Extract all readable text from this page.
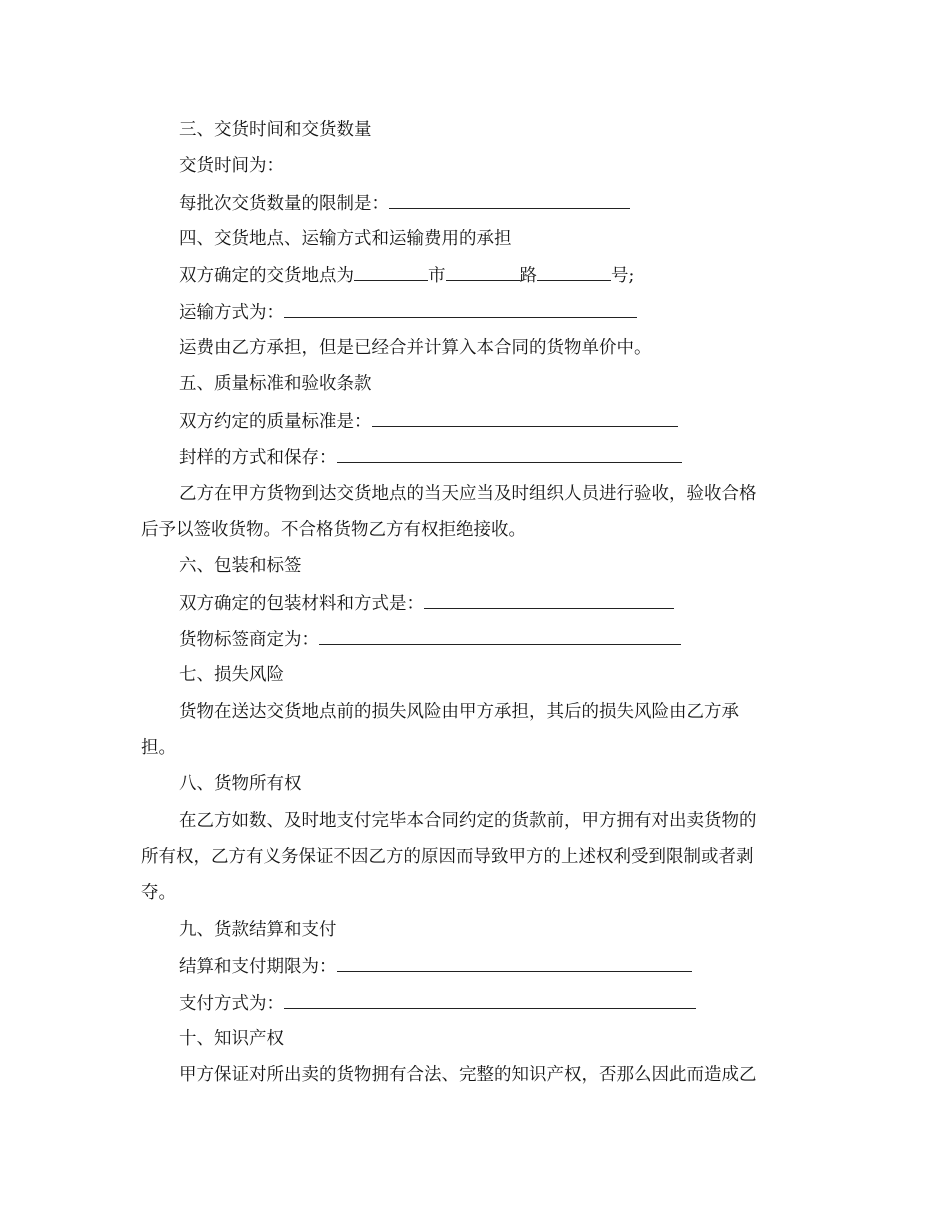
三、交货时间和交货数量
交货时间为：
每批次交货数量的限制是：
四、交货地点、运输方式和运输费用的承担
双方确定的交货地点为	市	路	号;
运输方式为：
运费由乙方承担，但是已经合并计算入本合同的货物单价中。
五、质量标准和验收条款
双方约定的质量标准是：
封样的方式和保存：
乙方在甲方货物到达交货地点的当天应当及时组织人员进行验收，验收合格
后予以签收货物。不合格货物乙方有权拒绝接收。
六、包装和标签
双方确定的包装材料和方式是：
货物标签商定为：
七、损失风险
货物在送达交货地点前的损失风险由甲方承担，其后的损失风险由乙方承
担。
八、货物所有权
在乙方如数、及时地支付完毕本合同约定的货款前，甲方拥有对出卖货物的
所有权，乙方有义务保证不因乙方的原因而导致甲方的上述权利受到限制或者剥
夺。
九、货款结算和支付
结算和支付期限为：
支付方式为：
十、知识产权
甲方保证对所出卖的货物拥有合法、完整的知识产权，否那么因此而造成乙
